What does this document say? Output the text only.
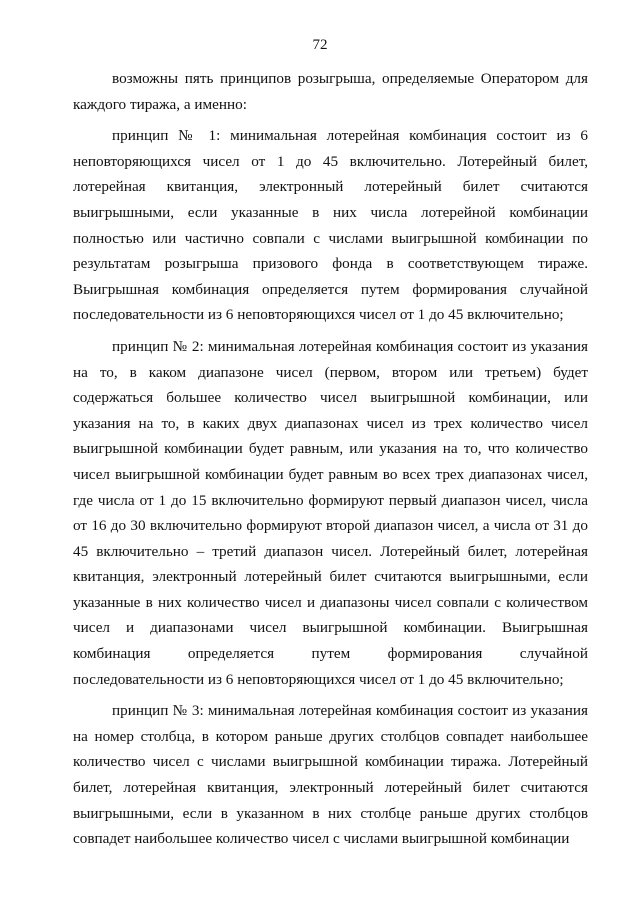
72

возможны пять принципов розыгрыша, определяемые Оператором для каждого тиража, а именно:

принцип № 1: минимальная лотерейная комбинация состоит из 6 неповторяющихся чисел от 1 до 45 включительно. Лотерейный билет, лотерейная квитанция, электронный лотерейный билет считаются выигрышными, если указанные в них числа лотерейной комбинации полностью или частично совпали с числами выигрышной комбинации по результатам розыгрыша призового фонда в соответствующем тираже. Выигрышная комбинация определяется путем формирования случайной последовательности из 6 неповторяющихся чисел от 1 до 45 включительно;

принцип № 2: минимальная лотерейная комбинация состоит из указания на то, в каком диапазоне чисел (первом, втором или третьем) будет содержаться большее количество чисел выигрышной комбинации, или указания на то, в каких двух диапазонах чисел из трех количество чисел выигрышной комбинации будет равным, или указания на то, что количество чисел выигрышной комбинации будет равным во всех трех диапазонах чисел, где числа от 1 до 15 включительно формируют первый диапазон чисел, числа от 16 до 30 включительно формируют второй диапазон чисел, а числа от 31 до 45 включительно – третий диапазон чисел. Лотерейный билет, лотерейная квитанция, электронный лотерейный билет считаются выигрышными, если указанные в них количество чисел и диапазоны чисел совпали с количеством чисел и диапазонами чисел выигрышной комбинации. Выигрышная комбинация определяется путем формирования случайной последовательности из 6 неповторяющихся чисел от 1 до 45 включительно;

принцип № 3: минимальная лотерейная комбинация состоит из указания на номер столбца, в котором раньше других столбцов совпадет наибольшее количество чисел с числами выигрышной комбинации тиража. Лотерейный билет, лотерейная квитанция, электронный лотерейный билет считаются выигрышными, если в указанном в них столбце раньше других столбцов совпадет наибольшее количество чисел с числами выигрышной комбинации
